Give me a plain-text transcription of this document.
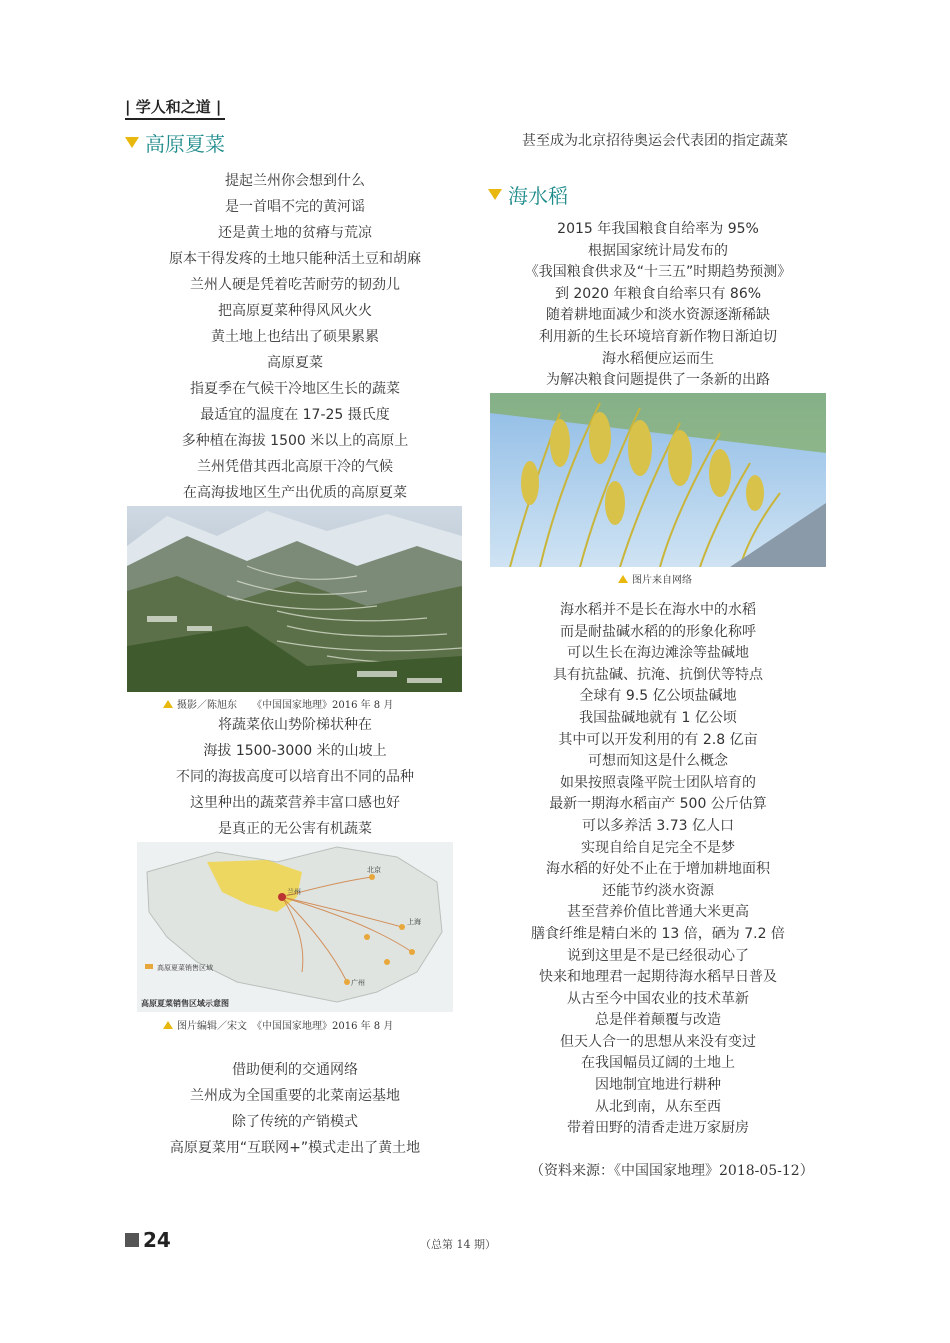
| 学人和之道 |
高原夏菜
提起兰州你会想到什么
是一首唱不完的黄河谣
还是黄土地的贫瘠与荒凉
原本干得发疼的土地只能种活土豆和胡麻
兰州人硬是凭着吃苦耐劳的韧劲儿
把高原夏菜种得风风火火
黄土地上也结出了硕果累累
高原夏菜
指夏季在气候干冷地区生长的蔬菜
最适宜的温度在 17-25 摄氏度
多种植在海拔 1500 米以上的高原上
兰州凭借其西北高原干冷的气候
在高海拔地区生产出优质的高原夏菜
摄影／陈旭东　　《中国国家地理》2016 年 8 月
将蔬菜依山势阶梯状种在
海拔 1500-3000 米的山坡上
不同的海拔高度可以培育出不同的品种
这里种出的蔬菜营养丰富口感也好
是真正的无公害有机蔬菜
高原夏菜销售区域
高原夏菜销售区域示意图
兰州
北京
上海
广州
图片编辑／宋文　《中国国家地理》2016 年 8 月
借助便利的交通网络
兰州成为全国重要的北菜南运基地
除了传统的产销模式
高原夏菜用“互联网+”模式走出了黄土地
甚至成为北京招待奥运会代表团的指定蔬菜
海水稻
2015 年我国粮食自给率为 95%
根据国家统计局发布的
《我国粮食供求及“十三五”时期趋势预测》
到 2020 年粮食自给率只有 86%
随着耕地面减少和淡水资源逐渐稀缺
利用新的生长环境培育新作物日渐迫切
海水稻便应运而生
为解决粮食问题提供了一条新的出路
图片来自网络
海水稻并不是长在海水中的水稻
而是耐盐碱水稻的的形象化称呼
可以生长在海边滩涂等盐碱地
具有抗盐碱、抗淹、抗倒伏等特点
全球有 9.5 亿公顷盐碱地
我国盐碱地就有 1 亿公顷
其中可以开发利用的有 2.8 亿亩
可想而知这是什么概念
如果按照袁隆平院士团队培育的
最新一期海水稻亩产 500 公斤估算
可以多养活 3.73 亿人口
实现自给自足完全不是梦
海水稻的好处不止在于增加耕地面积
还能节约淡水资源
甚至营养价值比普通大米更高
膳食纤维是精白米的 13 倍，硒为 7.2 倍
说到这里是不是已经很动心了
快来和地理君一起期待海水稻早日普及
从古至今中国农业的技术革新
总是伴着颠覆与改造
但天人合一的思想从来没有变过
在我国幅员辽阔的土地上
因地制宜地进行耕种
从北到南，从东至西
带着田野的清香走进万家厨房
（资料来源：《中国国家地理》2018-05-12）
24	（总第 14 期）
